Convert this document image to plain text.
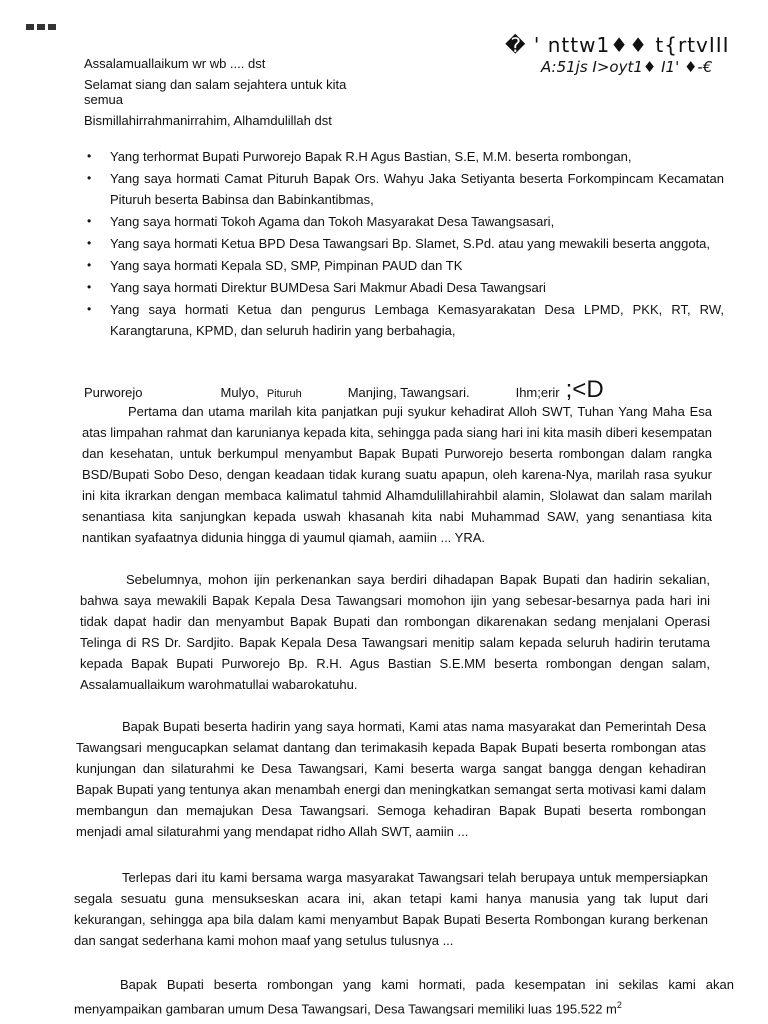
� ' nttw1♦♦ t{rtvIII
A:51js I>oyt1♦ I1' ♦-€

Assalamuallaikum wr wb .... dst

Selamat siang dan salam sejahtera untuk kita semua

Bismillahirrahmanirrahim, Alhamdulillah dst

• Yang terhormat Bupati Purworejo Bapak R.H Agus Bastian, S.E, M.M. beserta rombongan,
• Yang saya hormati Camat Pituruh Bapak Ors. Wahyu Jaka Setiyanta beserta Forkompincam Kecamatan Pituruh beserta Babinsa dan Babinkantibmas,
• Yang saya hormati Tokoh Agama dan Tokoh Masyarakat Desa Tawangsasari,
• Yang saya hormati Ketua BPD Desa Tawangsari Bp. Slamet, S.Pd. atau yang mewakili beserta anggota,
• Yang saya hormati Kepala SD, SMP, Pimpinan PAUD dan TK
• Yang saya hormati Direktur BUMDesa Sari Makmur Abadi Desa Tawangsari
• Yang saya hormati Ketua dan pengurus Lembaga Kemasyarakatan Desa LPMD, PKK, RT, RW, Karangtaruna, KPMD, dan seluruh hadirin yang berbahagia,
Purworejo	Mulyo, Pituruh	Manjing, Tawangsari.	Ihm;erir ;<D

Pertama dan utama marilah kita panjatkan puji syukur kehadirat Alloh SWT, Tuhan Yang Maha Esa atas limpahan rahmat dan karunianya kepada kita, sehingga pada siang hari ini kita masih diberi kesempatan dan kesehatan, untuk berkumpul menyambut Bapak Bupati Purworejo beserta rombongan dalam rangka BSD/Bupati Sobo Deso, dengan keadaan tidak kurang suatu apapun, oleh karena-Nya, marilah rasa syukur ini kita ikrarkan dengan membaca kalimatul tahmid Alhamdulillahirahbil alamin, Slolawat dan salam marilah senantiasa kita sanjungkan kepada uswah khasanah kita nabi Muhammad SAW, yang senantiasa kita nantikan syafaatnya didunia hingga di yaumul qiamah, aamiin ... YRA.

Sebelumnya, mohon ijin perkenankan saya berdiri dihadapan Bapak Bupati dan hadirin sekalian, bahwa saya mewakili Bapak Kepala Desa Tawangsari momohon ijin yang sebesar-besarnya pada hari ini tidak dapat hadir dan menyambut Bapak Bupati dan rombongan dikarenakan sedang menjalani Operasi Telinga di RS Dr. Sardjito. Bapak Kepala Desa Tawangsari menitip salam kepada seluruh hadirin terutama kepada Bapak Bupati Purworejo Bp. R.H. Agus Bastian S.E.MM beserta rombongan dengan salam, Assalamuallaikum warohmatullai wabarokatuhu.

Bapak Bupati beserta hadirin yang saya hormati, Kami atas nama masyarakat dan Pemerintah Desa Tawangsari mengucapkan selamat dantang dan terimakasih kepada Bapak Bupati beserta rombongan atas kunjungan dan silaturahmi ke Desa Tawangsari, Kami beserta warga sangat bangga dengan kehadiran Bapak Bupati yang tentunya akan menambah energi dan meningkatkan semangat serta motivasi kami dalam membangun dan memajukan Desa Tawangsari. Semoga kehadiran Bapak Bupati beserta rombongan menjadi amal silaturahmi yang mendapat ridho Allah SWT, aamiin ...

Terlepas dari itu kami bersama warga masyarakat Tawangsari telah berupaya untuk mempersiapkan segala sesuatu guna mensukseskan acara ini, akan tetapi kami hanya manusia yang tak luput dari kekurangan, sehingga apa bila dalam kami menyambut Bapak Bupati Beserta Rombongan kurang berkenan dan sangat sederhana kami mohon maaf yang setulus tulusnya ...

Bapak Bupati beserta rombongan yang kami hormati, pada kesempatan ini sekilas kami akan menyampaikan gambaran umum Desa Tawangsari, Desa Tawangsari memiliki luas 195.522 $m^2$
